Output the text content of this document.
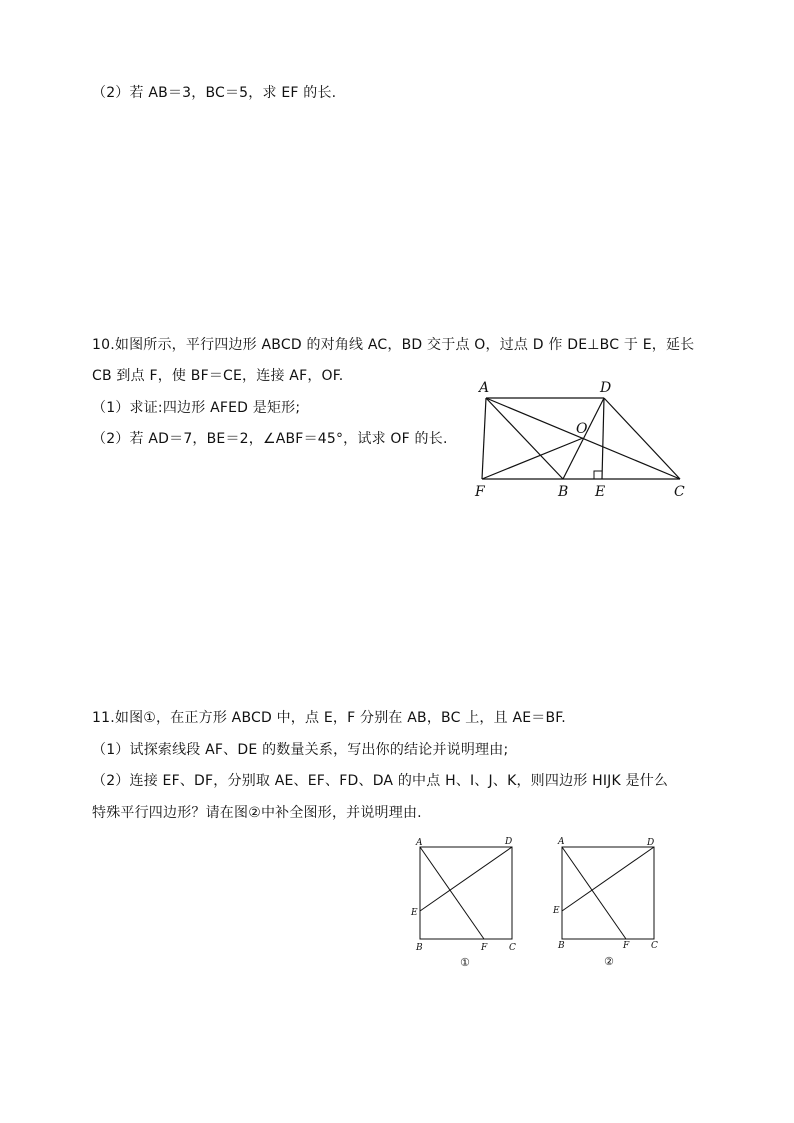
（2）若 AB＝3，BC＝5，求 EF 的长.
10.如图所示，平行四边形 ABCD 的对角线 AC，BD 交于点 O，过点 D 作 DE⊥BC 于 E，延长
CB 到点 F，使 BF＝CE，连接 AF，OF.
（1）求证:四边形 AFED 是矩形;
（2）若 AD＝7，BE＝2，∠ABF＝45°，试求 OF 的长.
A	D
O
F	B E	C
11.如图①，在正方形 ABCD 中，点 E，F 分别在 AB，BC 上，且 AE＝BF.
（1）试探索线段 AF、DE 的数量关系，写出你的结论并说明理由;
（2）连接 EF、DF，分别取 AE、EF、FD、DA 的中点 H、I、J、K，则四边形 HIJK 是什么
特殊平行四边形？请在图②中补全图形，并说明理由.
A	D
E
B	F C
①
A	D
E
B	F C
②
